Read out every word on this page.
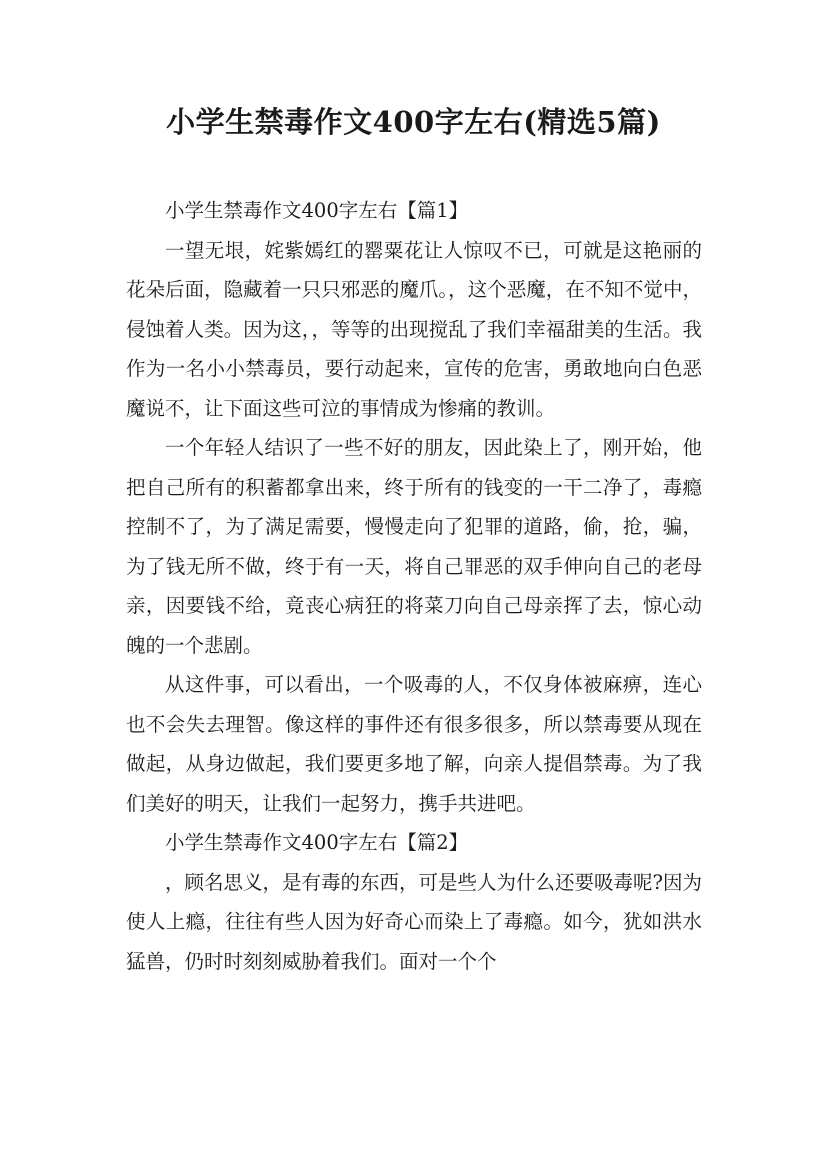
小学生禁毒作文400字左右(精选5篇)

小学生禁毒作文400字左右【篇1】

一望无垠，姹紫嫣红的罂粟花让人惊叹不已，可就是这艳丽的花朵后面，隐藏着一只只邪恶的魔爪。，这个恶魔，在不知不觉中，侵蚀着人类。因为这，，等等的出现搅乱了我们幸福甜美的生活。我作为一名小小禁毒员，要行动起来，宣传的危害，勇敢地向白色恶魔说不，让下面这些可泣的事情成为惨痛的教训。

一个年轻人结识了一些不好的朋友，因此染上了，刚开始，他把自己所有的积蓄都拿出来，终于所有的钱变的一干二净了，毒瘾控制不了，为了满足需要，慢慢走向了犯罪的道路，偷，抢，骗，为了钱无所不做，终于有一天，将自己罪恶的双手伸向自己的老母亲，因要钱不给，竟丧心病狂的将菜刀向自己母亲挥了去，惊心动魄的一个悲剧。

从这件事，可以看出，一个吸毒的人，不仅身体被麻痹，连心也不会失去理智。像这样的事件还有很多很多，所以禁毒要从现在做起，从身边做起，我们要更多地了解，向亲人提倡禁毒。为了我们美好的明天，让我们一起努力，携手共进吧。

小学生禁毒作文400字左右【篇2】

，顾名思义，是有毒的东西，可是些人为什么还要吸毒呢?因为使人上瘾，往往有些人因为好奇心而染上了毒瘾。如今，犹如洪水猛兽，仍时时刻刻威胁着我们。面对一个个
